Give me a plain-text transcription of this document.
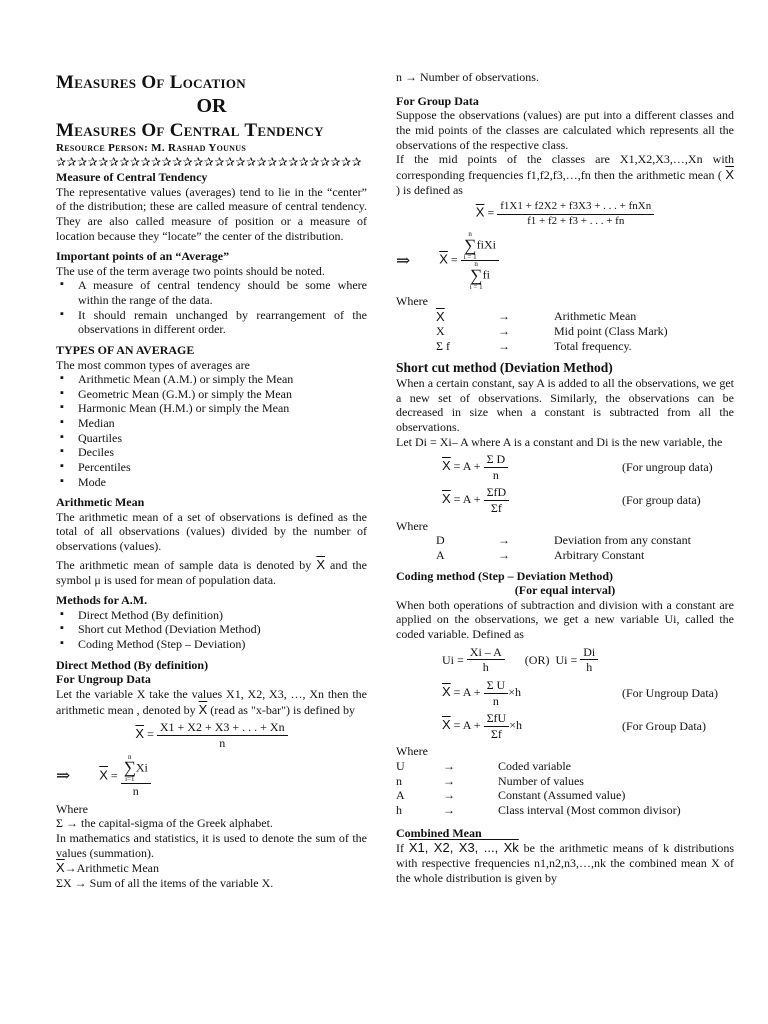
Measures Of Location
OR
Measures Of Central Tendency
Resource Person: M. Rashad Younus
✰✰✰✰✰✰✰✰✰✰✰✰✰✰✰✰✰✰✰✰✰✰✰✰✰✰✰✰✰
Measure of Central Tendency

The representative values (averages) tend to lie in the “center” of the distribution; these are called measure of central tendency. They are also called measure of position or a measure of location because they “locate” the center of the distribution.

Important points of an “Average”

The use of the term average two points should be noted.

▪ A measure of central tendency should be some where within the range of the data.
▪ It should remain unchanged by rearrangement of the observations in different order.
TYPES OF AN AVERAGE

The most common types of averages are

▪ Arithmetic Mean (A.M.) or simply the Mean
▪ Geometric Mean (G.M.) or simply the Mean
▪ Harmonic Mean (H.M.) or simply the Mean
▪ Median
▪ Quartiles
▪ Deciles
▪ Percentiles
▪ Mode
Arithmetic Mean

The arithmetic mean of a set of observations is defined as the total of all observations (values) divided by the number of observations (values).

The arithmetic mean of sample data is denoted by $\overline{X}$ and the symbol μ is used for mean of population data.

Methods for A.M.
▪ Direct Method (By definition)
▪ Short cut Method (Deviation Method)
▪ Coding Method (Step – Deviation)
Direct Method (By definition)
For Ungroup Data

Let the variable X take the values X1, X2, X3, …, Xn then the arithmetic mean , denoted by $\overline{X}$ (read as "x-bar") is defined by

$\overline{X} = \frac{X1 + X2 + X3 + . . . + Xn}{n}$
⇒ $\overline{X} = n$
∑
i=1
Xi
n

Where

Σ → the capital-sigma of the Greek alphabet.

In mathematics and statistics, it is used to denote the sum of the values (summation).

$\overline{X}\to Arithmetic$ Mean

ΣX → Sum of all the items of the variable X.

n → Number of observations.

For Group Data

Suppose the observations (values) are put into a different classes and the mid points of the classes are calculated which represents all the observations of the respective class.

If the mid points of the classes are X1,X2,X3,…,Xn with corresponding frequencies f1,f2,f3,…,fn then the arithmetic mean ( $\overline{X}$ ) is defined as

$\overline{X} = \frac{\text{f1X1 + f2X2 + f3X3 + . . . + fnXn}}{f1 + f2 + f3 + . . . + fn}$
⇒ $\overline{X} = n$
∑
i = 1
fiXi
n
∑
i = 1
fi

Where

$\overline{X}$	→	Arithmetic Mean
X	→	Mid point (Class Mark)
Σ f	→	Total frequency.
Short cut method (Deviation Method)

When a certain constant, say A is added to all the observations, we get a new set of observations. Similarly, the observations can be decreased in size when a constant is subtracted from all the observations.

Let Di = Xi– A where A is a constant and Di is the new variable, the

$\overline{X} = A + \frac{\text{Σ D}}{n}$	(For ungroup data)
$\overline{X} = A + \frac{\text{ΣfD}}{\Sigma f}$	(For group data)

Where

D	→	Deviation from any constant
A	→	Arbitrary Constant
Coding method (Step – Deviation Method)
(For equal interval)

When both operations of subtraction and division with a constant are applied on the observations, we get a new variable Ui, called the coded variable. Defined as

Ui =
$\frac{Xi - A}{h} (OR) Ui$ =
$\frac{Di}{h}$
$\overline{X} = A + \frac{\text{Σ U}}{n} \times h$	(For Ungroup Data)
$\overline{X} = A + \frac{\text{ΣfU}}{\Sigma f} \times h$	(For Group Data)

Where

U	→	Coded variable
n	→	Number of values
A	→	Constant (Assumed value)
h	→	Class interval (Most common divisor)
Combined Mean

If X1, X2, X3, ..., Xk be the arithmetic means of k distributions with respective frequencies n1,n2,n3,…,nk the combined mean X of the whole distribution is given by
